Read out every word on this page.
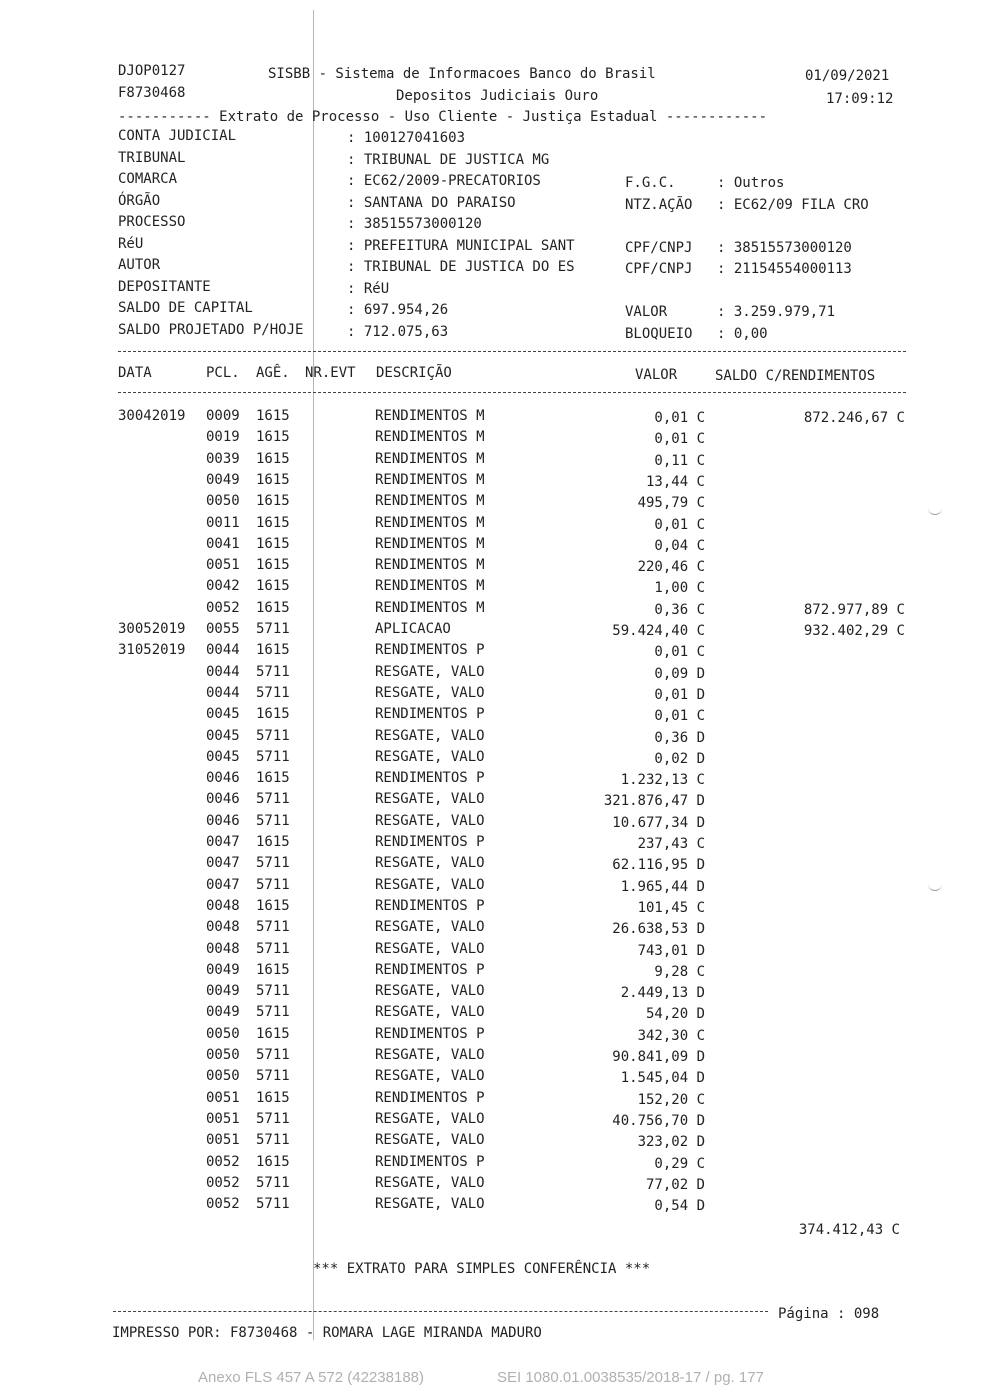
DJOP0127
F8730468
SISBB - Sistema de Informacoes Banco do Brasil
Depositos Judiciais Ouro
01/09/2021
17:09:12
----------- Extrato de Processo - Uso Cliente - Justiça Estadual ------------
CONTA JUDICIAL	: 100127041603
TRIBUNAL	: TRIBUNAL DE JUSTICA MG
COMARCA	: EC62/2009-PRECATORIOS
ÓRGÃO	: SANTANA DO PARAISO
PROCESSO	: 38515573000120
RéU	: PREFEITURA MUNICIPAL SANT
AUTOR	: TRIBUNAL DE JUSTICA DO ES
DEPOSITANTE	: RéU
SALDO DE CAPITAL	: 697.954,26
SALDO PROJETADO P/HOJE	: 712.075,63
F.G.C.	: Outros
NTZ.AÇÃO : EC62/09 FILA CRO
CPF/CNPJ : 38515573000120
CPF/CNPJ : 21154554000113
VALOR	: 3.259.979,71
BLOQUEIO : 0,00
DATA	PCL. AGÊ. NR.EVT DESCRIÇÃO	VALOR	SALDO C/RENDIMENTOS
30042019 0009 1615	RENDIMENTOS M	0,01 C	872.246,67 C
0019 1615	RENDIMENTOS M	0,01 C
0039 1615	RENDIMENTOS M	0,11 C
0049 1615	RENDIMENTOS M	13,44 C
0050 1615	RENDIMENTOS M	495,79 C
0011 1615	RENDIMENTOS M	0,01 C
0041 1615	RENDIMENTOS M	0,04 C
0051 1615	RENDIMENTOS M	220,46 C
0042 1615	RENDIMENTOS M	1,00 C
0052 1615	RENDIMENTOS M	0,36 C	872.977,89 C
30052019 0055 5711	APLICACAO	59.424,40 C	932.402,29 C
31052019 0044 1615	RENDIMENTOS P	0,01 C
0044 5711	RESGATE, VALO	0,09 D
0044 5711	RESGATE, VALO	0,01 D
0045 1615	RENDIMENTOS P	0,01 C
0045 5711	RESGATE, VALO	0,36 D
0045 5711	RESGATE, VALO	0,02 D
0046 1615	RENDIMENTOS P	1.232,13 C
0046 5711	RESGATE, VALO	321.876,47 D
0046 5711	RESGATE, VALO	10.677,34 D
0047 1615	RENDIMENTOS P	237,43 C
0047 5711	RESGATE, VALO	62.116,95 D
0047 5711	RESGATE, VALO	1.965,44 D
0048 1615	RENDIMENTOS P	101,45 C
0048 5711	RESGATE, VALO	26.638,53 D
0048 5711	RESGATE, VALO	743,01 D
0049 1615	RENDIMENTOS P	9,28 C
0049 5711	RESGATE, VALO	2.449,13 D
0049 5711	RESGATE, VALO	54,20 D
0050 1615	RENDIMENTOS P	342,30 C
0050 5711	RESGATE, VALO	90.841,09 D
0050 5711	RESGATE, VALO	1.545,04 D
0051 1615	RENDIMENTOS P	152,20 C
0051 5711	RESGATE, VALO	40.756,70 D
0051 5711	RESGATE, VALO	323,02 D
0052 1615	RENDIMENTOS P	0,29 C
0052 5711	RESGATE, VALO	77,02 D
0052 5711	RESGATE, VALO	0,54 D
374.412,43 C
*** EXTRATO PARA SIMPLES CONFERÊNCIA ***
Página : 098
IMPRESSO POR: F8730468 - ROMARA LAGE MIRANDA MADURO
Anexo FLS 457 A 572 (42238188)	SEI 1080.01.0038535/2018-17 / pg. 177
